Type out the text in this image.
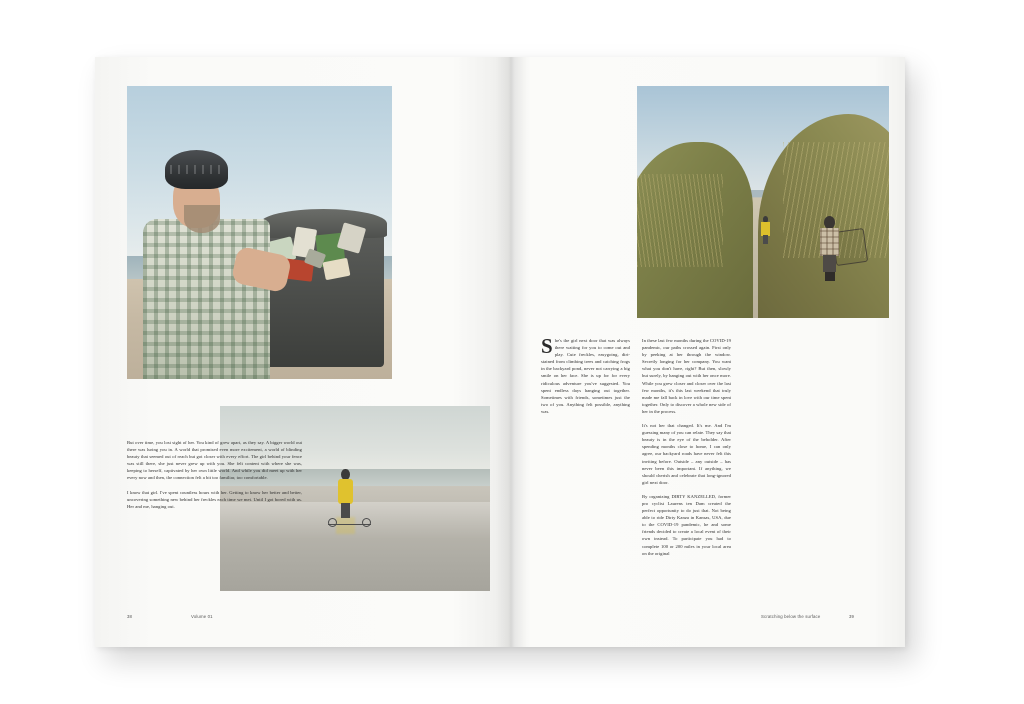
But over time, you lost sight of her. You kind of grew apart, as they say. A bigger world out there was luring you in. A world that promised even more excitement, a world of blinding beauty that seemed out of reach but got closer with every effort. The girl behind your fence was still there, she just never grew up with you. She felt content with where she was, keeping to herself, captivated by her own little world. And while you did meet up with her every now and then, the connection felt a bit too familiar, too comfortable.

I know that girl. I've spent countless hours with her. Getting to know her better and better, uncovering something new behind her freckles each time we met. Until I got bored with us. Her and me, hanging out.

38	Volume 01

She's the girl next door that was always there waiting for you to come out and play. Cute freckles, easygoing, dirt-stained from climbing trees and catching frogs in the backyard pond, never not carrying a big smile on her face. She is up for for every ridiculous adventure you've suggested. You spent endless days hanging out together. Sometimes with friends, sometimes just the two of you. Anything felt possible, anything was.

In these last few months during the COVID-19 pandemic, our paths crossed again. First only by peeking at her through the window. Secretly longing for her company. You want what you don't have, right? But then, slowly but surely, by hanging out with her once more. While you grew closer and closer over the last few months, it's this last weekend that truly made me fall back in love with our time spent together. Only to discover a whole new side of her in the process.

It's not her that changed. It's me. And I'm guessing many of you can relate. They say that beauty is in the eye of the beholder. After spending months close to home, I can only agree, our backyard roads have never felt this inviting before. Outside – any outside – has never been this important. If anything, we should cherish and celebrate that long-ignored girl next door.

By organizing DIRTY KANZELLED, former pro cyclist Laurens ten Dam created the perfect opportunity to do just that. Not being able to ride Dirty Kanza in Kansas, USA, due to the COVID-19 pandemic, he and some friends decided to create a local event of their own instead. To participate you had to complete 100 or 200 miles in your local area on the original

Scratching below the surface	39
